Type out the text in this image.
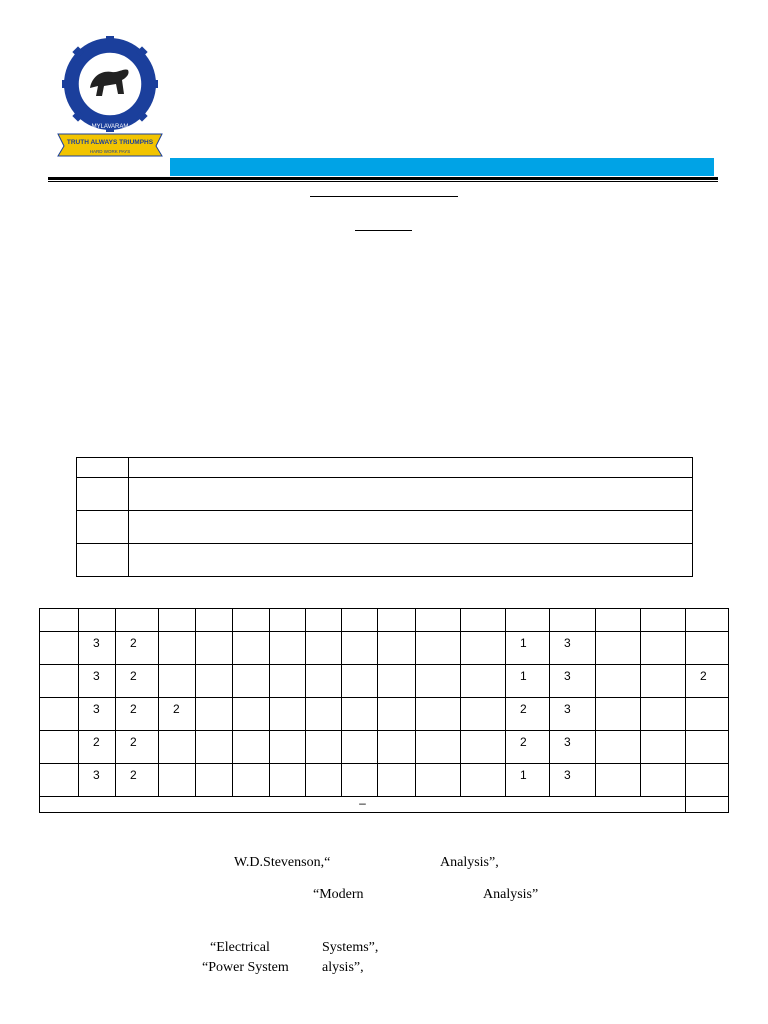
MYLAVARAM
TRUTH ALWAYS TRIUMPHS
HARD WORK PAYS

	3	2										1	3			

	3	2										1	3			2

	3	2	2									2	3			

	2	2										2	3			

	3	2										1	3			

–																

W.D.Stevenson,“	Analysis”,
“Modern	Analysis”
“Electrical	Systems”,
“Power System alysis”,
